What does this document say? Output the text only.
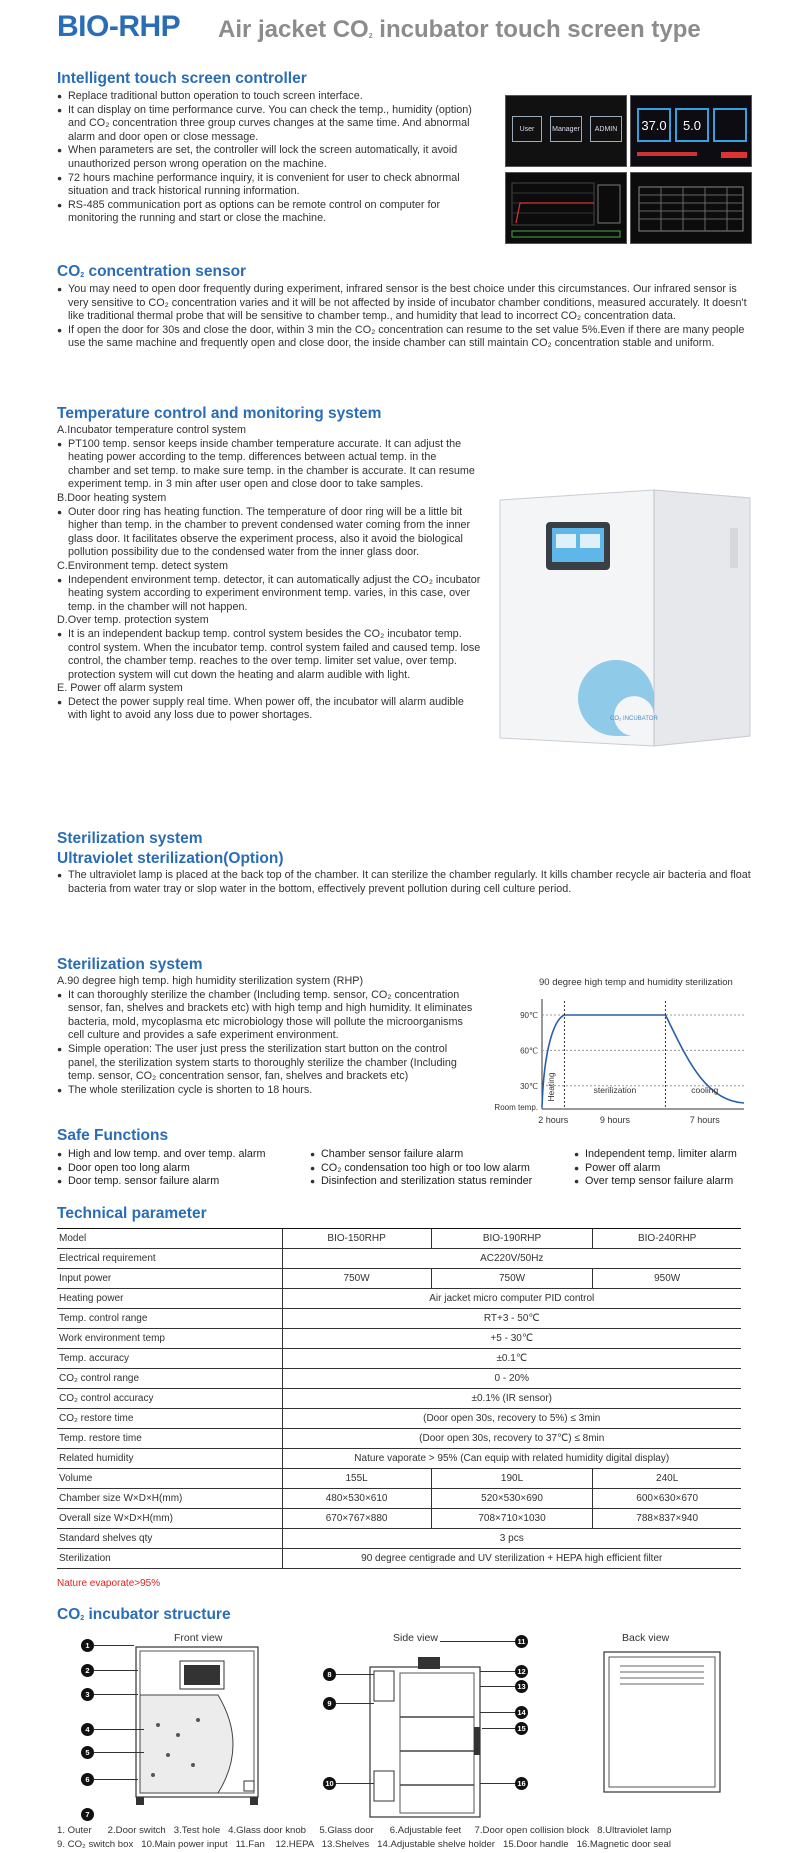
BIO-RHP Air jacket $CO_2$ incubator touch screen type
Intelligent touch screen controller
● Replace traditional button operation to touch screen interface.
● It can display on time performance curve. You can check the temp., humidity (option) and CO₂ concentration three group curves changes at the same time. And abnormal alarm and door open or close message.
● When parameters are set, the controller will lock the screen automatically, it avoid unauthorized person wrong operation on the machine.
● 72 hours machine performance inquiry, it is convenient for user to check abnormal situation and track historical running information.
● RS-485 communication port as options can be remote control on computer for monitoring the running and start or close the machine.
User	Manager	ADMIN	37.0	5.0
$CO_2$ concentration sensor
● You may need to open door frequently during experiment, infrared sensor is the best choice under this circumstances. Our infrared sensor is very sensitive to CO₂ concentration varies and it will be not affected by inside of incubator chamber conditions, measured accurately. It doesn't like traditional thermal probe that will be sensitive to chamber temp., and humidity that lead to incorrect CO₂ concentration data.
● If open the door for 30s and close the door, within 3 min the CO₂ concentration can resume to the set value 5%.Even if there are many people use the same machine and frequently open and close door, the inside chamber can still maintain CO₂ concentration stable and uniform.
Temperature control and monitoring system
A.Incubator temperature control system
● PT100 temp. sensor keeps inside chamber temperature accurate. It can adjust the heating power according to the temp. differences between actual temp. in the chamber and set temp. to make sure temp. in the chamber is accurate. It can resume experiment temp. in 3 min after user open and close door to take samples.
B.Door heating system
● Outer door ring has heating function. The temperature of door ring will be a little bit higher than temp. in the chamber to prevent condensed water coming from the inner glass door. It facilitates observe the experiment process, also it avoid the biological pollution possibility due to the condensed water from the inner glass door.
C.Environment temp. detect system
● Independent environment temp. detector, it can automatically adjust the CO₂ incubator heating system according to experiment environment temp. varies, in this case, over temp. in the chamber will not happen.
D.Over temp. protection system
● It is an independent backup temp. control system besides the CO₂ incubator temp. control system. When the incubator temp. control system failed and caused temp. lose control, the chamber temp. reaches to the over temp. limiter set value, over temp. protection system will cut down the heating and alarm audible with light.
E. Power off alarm system
● Detect the power supply real time. When power off, the incubator will alarm audible with light to avoid any loss due to power shortages.	CO₂ INCUBATOR
Sterilization system
Ultraviolet sterilization(Option)
● The ultraviolet lamp is placed at the back top of the chamber. It can sterilize the chamber regularly. It kills chamber recycle air bacteria and float bacteria from water tray or slop water in the bottom, effectively prevent pollution during cell culture period.
Sterilization system
A.90 degree high temp. high humidity sterilization system (RHP)
● It can thoroughly sterilize the chamber (Including temp. sensor, CO₂ concentration sensor, fan, shelves and brackets etc) with high temp and high humidity. It eliminates bacteria, mold, mycoplasma etc microbiology those will pollute the microorganisms cell culture and provides a safe experiment environment.
● Simple operation: The user just press the sterilization start button on the control panel, the sterilization system starts to thoroughly sterilize the chamber (Including temp. sensor, CO₂ concentration sensor, fan, shelves and brackets etc)
● The whole sterilization cycle is shorten to 18 hours.
90 degree high temp and humidity sterilization
90℃
60℃
30℃
Room temp.
Heating	sterilization	cooling
2 hours	9 hours	7 hours
Safe Functions
● High and low temp. and over temp. alarm
● Door open too long alarm
● Door temp. sensor failure alarm
● Chamber sensor failure alarm
● CO₂ condensation too high or too low alarm
● Disinfection and sterilization status reminder
● Independent temp. limiter alarm
● Power off alarm
● Over temp sensor failure alarm
Technical parameter
Model	BIO-150RHP	BIO-190RHP	BIO-240RHP
Electrical requirement	AC220V/50Hz		
Input power	750W	750W	950W
Heating power	Air jacket micro computer PID control		
Temp. control range	RT+3 - 50℃		
Work environment temp	+5 - 30℃		
Temp. accuracy	±0.1℃		
CO₂ control range	0 - 20%		
CO₂ control accuracy	±0.1% (IR sensor)		
CO₂ restore time	(Door open 30s, recovery to 5%) ≤ 3min		
Temp. restore time	(Door open 30s, recovery to 37℃) ≤ 8min		
Related humidity	Nature vaporate > 95% (Can equip with related humidity digital display)		
Volume	155L	190L	240L
Chamber size W×D×H(mm)	480×530×610	520×530×690	600×630×670
Overall size W×D×H(mm)	670×767×880	708×710×1030	788×837×940
Standard shelves qty	3 pcs		
Sterilization	90 degree centigrade and UV sterilization + HEPA high efficient filter		
Nature evaporate>95%
$CO_2$ incubator structure
Front view	Side view	Back view
1
2
3
4
5
6
7
8
9
10
11
12
13
14
15
16
1. Outer      2.Door switch   3.Test hole   4.Glass door knob     5.Glass door      6.Adjustable feet     7.Door open collision block   8.Ultraviolet lamp
9. CO₂ switch box   10.Main power input   11.Fan    12.HEPA   13.Shelves   14.Adjustable shelve holder   15.Door handle   16.Magnetic door seal
